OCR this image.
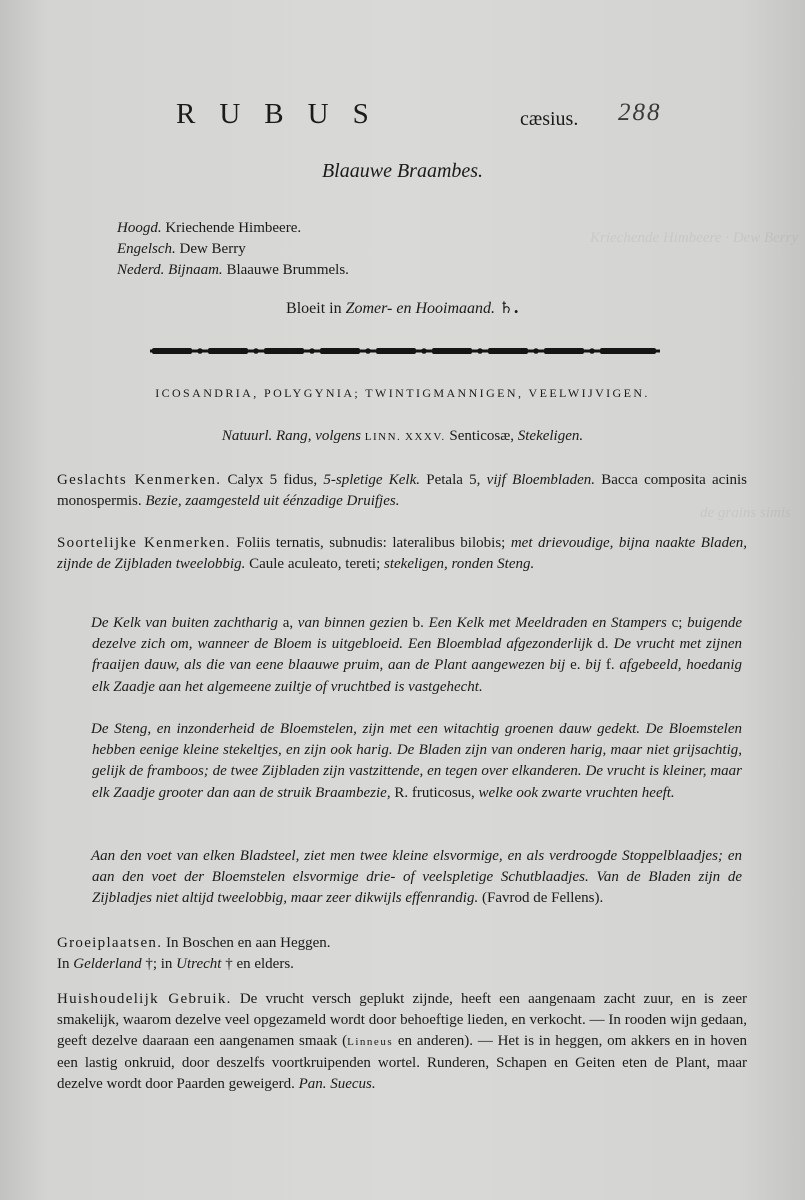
Kriechende Himbeere · Dew Berry
de grains simis
RUBUS	cæsius. 288
Blaauwe Braambes.
Hoogd. Kriechende Himbeere.
Engelsch. Dew Berry
Nederd. Bijnaam. Blaauwe Brummels.
Bloeit in Zomer- en Hooimaand. ♄.
ICOSANDRIA, POLYGYNIA; TWINTIGMANNIGEN, VEELWIJVIGEN.
Natuurl. Rang, volgens LINN. XXXV. Senticosæ, Stekeligen.
Geslachts Kenmerken. Calyx 5 fidus, 5-spletige Kelk. Petala 5, vijf Bloembladen. Bacca composita acinis monospermis. Bezie, zaamgesteld uit éénzadige Druifjes.
Soortelijke Kenmerken. Foliis ternatis, subnudis: lateralibus bilobis; met drievoudige, bijna naakte Bladen, zijnde de Zijbladen tweelobbig. Caule aculeato, tereti; stekeligen, ronden Steng.
De Kelk van buiten zachtharig a, van binnen gezien b. Een Kelk met Meeldraden en Stampers c; buigende dezelve zich om, wanneer de Bloem is uitgebloeid. Een Bloemblad afgezonderlijk d. De vrucht met zijnen fraaijen dauw, als die van eene blaauwe pruim, aan de Plant aangewezen bij e. bij f. afgebeeld, hoedanig elk Zaadje aan het algemeene zuiltje of vruchtbed is vastgehecht.
De Steng, en inzonderheid de Bloemstelen, zijn met een witachtig groenen dauw gedekt. De Bloemstelen hebben eenige kleine stekeltjes, en zijn ook harig. De Bladen zijn van onderen harig, maar niet grijsachtig, gelijk de framboos; de twee Zijbladen zijn vastzittende, en tegen over elkanderen. De vrucht is kleiner, maar elk Zaadje grooter dan aan de struik Braambezie, R. fruticosus, welke ook zwarte vruchten heeft.
Aan den voet van elken Bladsteel, ziet men twee kleine elsvormige, en als verdroogde Stoppelblaadjes; en aan den voet der Bloemstelen elsvormige drie- of veelspletige Schutblaadjes. Van de Bladen zijn de Zijbladjes niet altijd tweelobbig, maar zeer dikwijls effenrandig. (Favrod de Fellens).
Groeiplaatsen. In Boschen en aan Heggen.
In Gelderland †; in Utrecht † en elders.
Huishoudelijk Gebruik. De vrucht versch geplukt zijnde, heeft een aangenaam zacht zuur, en is zeer smakelijk, waarom dezelve veel opgezameld wordt door behoeftige lieden, en verkocht. — In rooden wijn gedaan, geeft dezelve daaraan een aangenamen smaak (Linneus en anderen). — Het is in heggen, om akkers en in hoven een lastig onkruid, door deszelfs voortkruipenden wortel. Runderen, Schapen en Geiten eten de Plant, maar dezelve wordt door Paarden geweigerd. Pan. Suecus.
